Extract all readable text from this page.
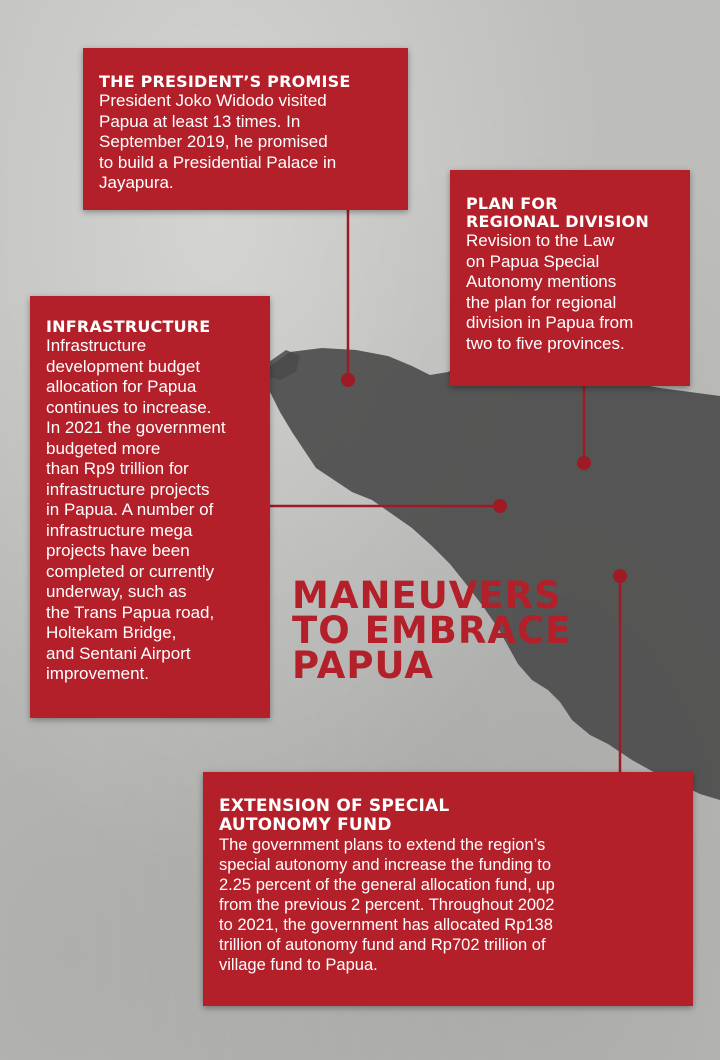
THE PRESIDENT’S PROMISE

President Joko Widodo visited
Papua at least 13 times. In
September 2019, he promised
to build a Presidential Palace in
Jayapura.

PLAN FOR
REGIONAL DIVISION

Revision to the Law
on Papua Special
Autonomy mentions
the plan for regional
division in Papua from
two to five provinces.

INFRASTRUCTURE

Infrastructure
development budget
allocation for Papua
continues to increase.
In 2021 the government
budgeted more
than Rp9 trillion for
infrastructure projects
in Papua. A number of
infrastructure mega
projects have been
completed or currently
underway, such as
the Trans Papua road,
Holtekam Bridge,
and Sentani Airport
improvement.

MANEUVERS
TO EMBRACE
PAPUA
EXTENSION OF SPECIAL
AUTONOMY FUND

The government plans to extend the region’s
special autonomy and increase the funding to
2.25 percent of the general allocation fund, up
from the previous 2 percent. Throughout 2002
to 2021, the government has allocated Rp138
trillion of autonomy fund and Rp702 trillion of
village fund to Papua.
